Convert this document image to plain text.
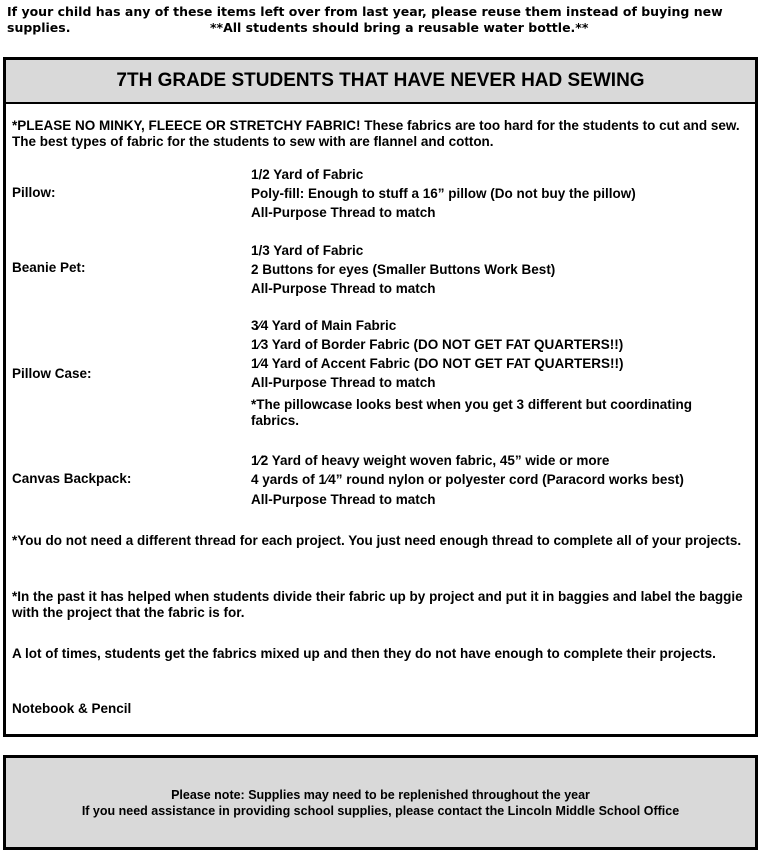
If your child has any of these items left over from last year, please reuse them instead of buying new supplies.	**All students should bring a reusable water bottle.**
7TH GRADE STUDENTS THAT HAVE NEVER HAD SEWING
*PLEASE NO MINKY, FLEECE OR STRETCHY FABRIC! These fabrics are too hard for the students to cut and sew. The best types of fabric for the students to sew with are flannel and cotton.
Pillow:
1/2 Yard of Fabric
Poly-fill: Enough to stuff a 16” pillow (Do not buy the pillow)
All-Purpose Thread to match
Beanie Pet:
1/3 Yard of Fabric
2 Buttons for eyes (Smaller Buttons Work Best)
All-Purpose Thread to match
Pillow Case:
3⁄4 Yard of Main Fabric
1⁄3 Yard of Border Fabric (DO NOT GET FAT QUARTERS!!)
1⁄4 Yard of Accent Fabric (DO NOT GET FAT QUARTERS!!)
All-Purpose Thread to match
*The pillowcase looks best when you get 3 different but coordinating fabrics.
Canvas Backpack:
1⁄2 Yard of heavy weight woven fabric, 45” wide or more
4 yards of 1⁄4” round nylon or polyester cord (Paracord works best)
All-Purpose Thread to match
*You do not need a different thread for each project. You just need enough thread to complete all of your projects.
*In the past it has helped when students divide their fabric up by project and put it in baggies and label the baggie with the project that the fabric is for.
A lot of times, students get the fabrics mixed up and then they do not have enough to complete their projects.
Notebook & Pencil
Please note: Supplies may need to be replenished throughout the year
If you need assistance in providing school supplies, please contact the Lincoln Middle School Office
